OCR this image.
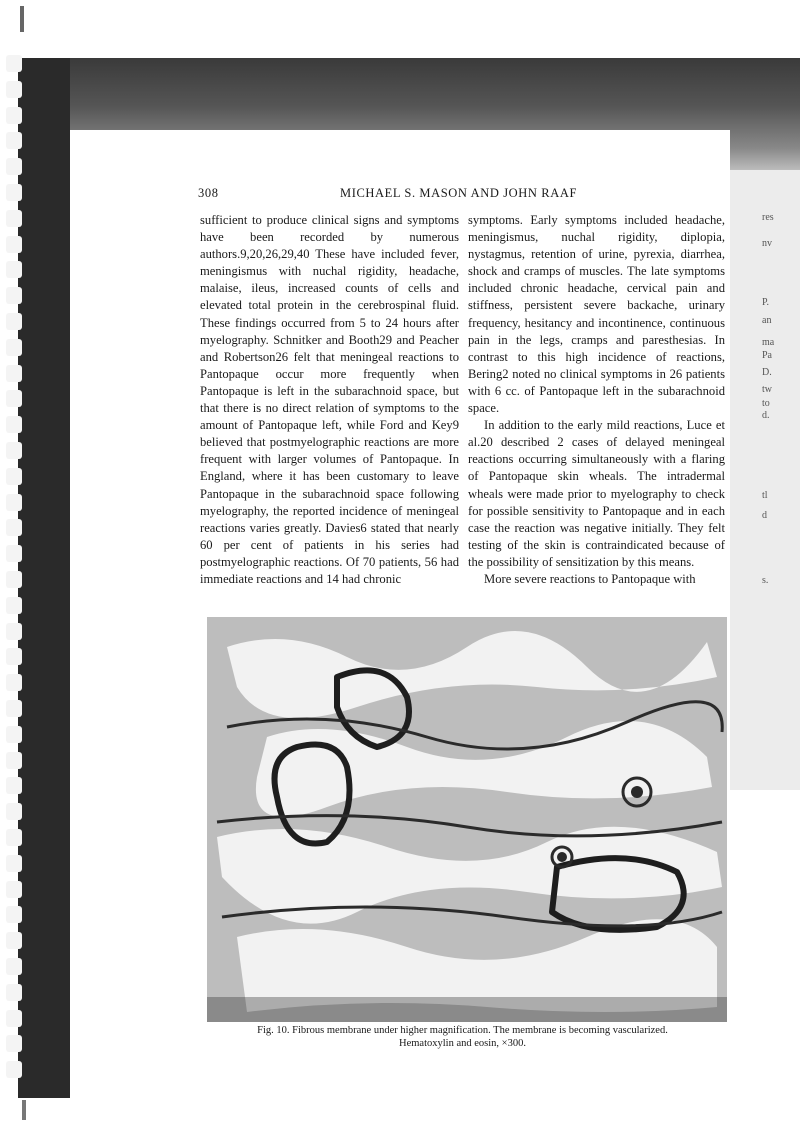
res
nv
P.
an
ma
Pa
D.
tw
to
d.
tl
d
s.
308	MICHAEL S. MASON AND JOHN RAAF

sufficient to produce clinical signs and symptoms have been recorded by numerous authors.9,20,26,29,40 These have included fever, meningismus with nuchal rigidity, headache, malaise, ileus, increased counts of cells and elevated total protein in the cerebrospinal fluid. These findings occurred from 5 to 24 hours after myelography. Schnitker and Booth29 and Peacher and Robertson26 felt that meningeal reactions to Pantopaque occur more frequently when Pantopaque is left in the subarachnoid space, but that there is no direct relation of symptoms to the amount of Pantopaque left, while Ford and Key9 believed that postmyelographic reactions are more frequent with larger volumes of Pantopaque. In England, where it has been customary to leave Pantopaque in the subarachnoid space following myelography, the reported incidence of meningeal reactions varies greatly. Davies6 stated that nearly 60 per cent of patients in his series had postmyelographic reactions. Of 70 patients, 56 had immediate reactions and 14 had chronic

symptoms. Early symptoms included headache, meningismus, nuchal rigidity, diplopia, nystagmus, retention of urine, pyrexia, diarrhea, shock and cramps of muscles. The late symptoms included chronic headache, cervical pain and stiffness, persistent severe backache, urinary frequency, hesitancy and incontinence, continuous pain in the legs, cramps and paresthesias. In contrast to this high incidence of reactions, Bering2 noted no clinical symptoms in 26 patients with 6 cc. of Pantopaque left in the subarachnoid space.

In addition to the early mild reactions, Luce et al.20 described 2 cases of delayed meningeal reactions occurring simultaneously with a flaring of Pantopaque skin wheals. The intradermal wheals were made prior to myelography to check for possible sensitivity to Pantopaque and in each case the reaction was negative initially. They felt testing of the skin is contraindicated because of the possibility of sensitization by this means.

More severe reactions to Pantopaque with

Fig. 10. Fibrous membrane under higher magnification. The membrane is becoming vascularized.
Hematoxylin and eosin, ×300.
